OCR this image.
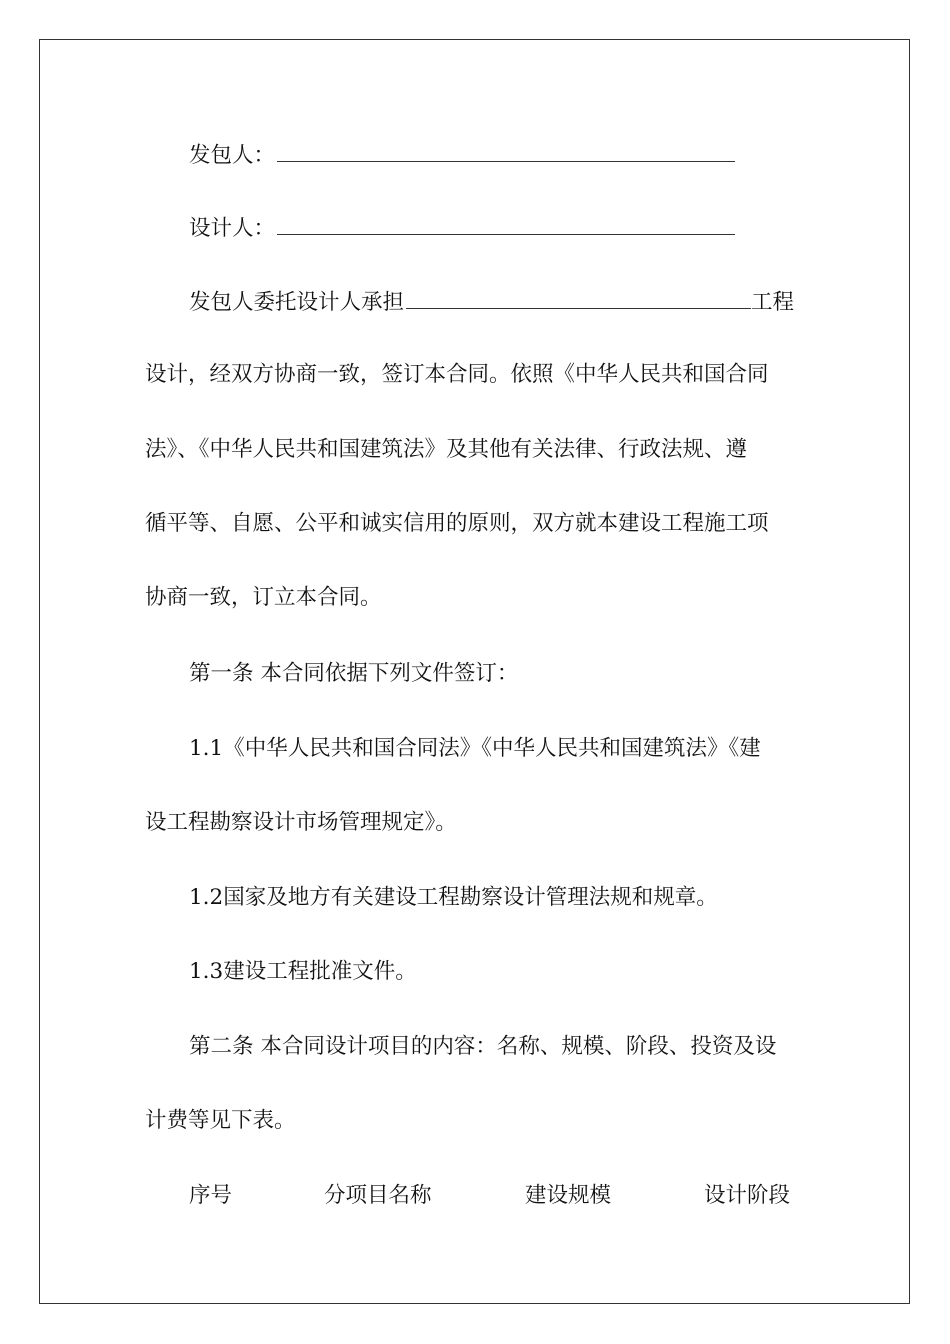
发包人：
设计人：
发包人委托设计人承担	工程
设计，经双方协商一致，签订本合同。依照《中华人民共和国合同
法》、《中华人民共和国建筑法》及其他有关法律、行政法规、遵
循平等、自愿、公平和诚实信用的原则，双方就本建设工程施工项
协商一致，订立本合同。
第一条 本合同依据下列文件签订：
1.1《中华人民共和国合同法》《中华人民共和国建筑法》《建
设工程勘察设计市场管理规定》。
1.2国家及地方有关建设工程勘察设计管理法规和规章。
1.3建设工程批准文件。
第二条 本合同设计项目的内容：名称、规模、阶段、投资及设
计费等见下表。
序号	分项目名称	建设规模	设计阶段
